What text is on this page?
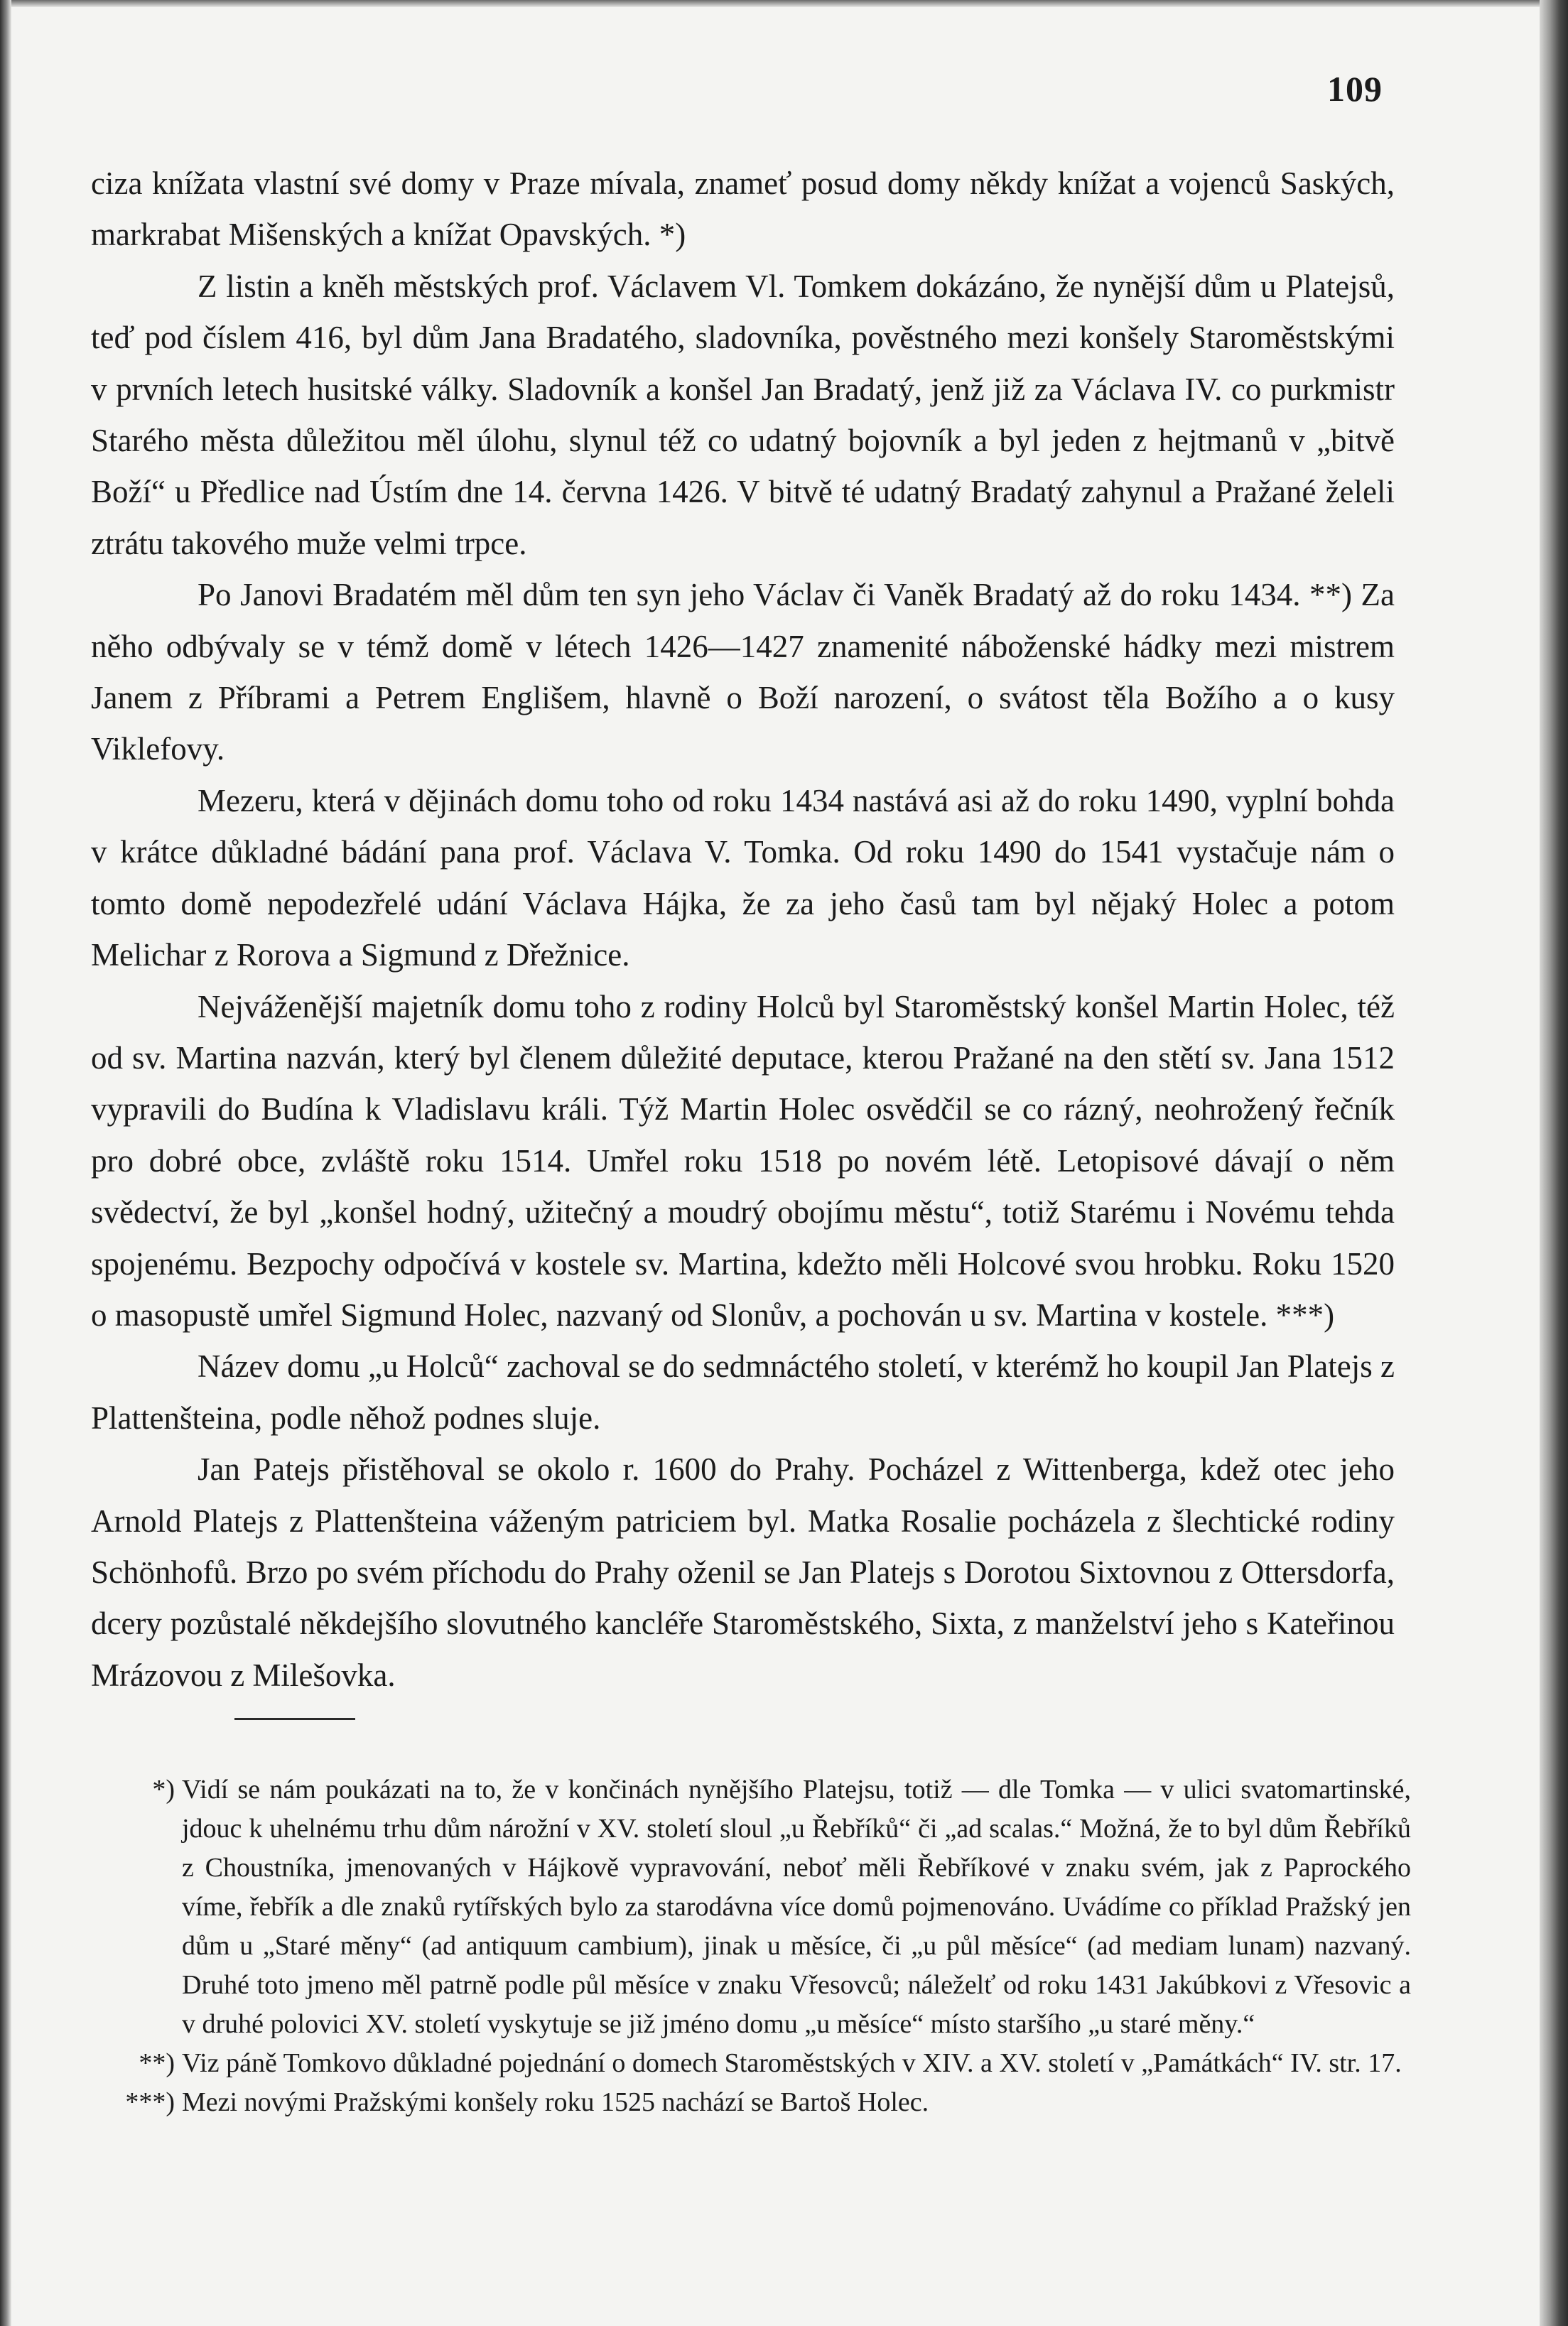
109

ciza knížata vlastní své domy v Praze mívala, znameť posud domy někdy knížat a vojenců Saských, markrabat Mišenských a knížat Opavských. *)

Z listin a kněh městských prof. Václavem Vl. Tomkem dokázáno, že nynější dům u Platejsů, teď pod číslem 416, byl dům Jana Bradatého, sladovníka, pověstného mezi konšely Staroměstskými v prvních letech husitské války. Sladovník a konšel Jan Bradatý, jenž již za Václava IV. co purkmistr Starého města důležitou měl úlohu, slynul též co udatný bojovník a byl jeden z hejtmanů v „bitvě Boží“ u Předlice nad Ústím dne 14. června 1426. V bitvě té udatný Bradatý zahynul a Pražané želeli ztrátu takového muže velmi trpce.

Po Janovi Bradatém měl dům ten syn jeho Václav či Vaněk Bradatý až do roku 1434. **) Za něho odbývaly se v témž domě v létech 1426—1427 znamenité náboženské hádky mezi mistrem Janem z Příbrami a Petrem Englišem, hlavně o Boží narození, o svátost těla Božího a o kusy Viklefovy.

Mezeru, která v dějinách domu toho od roku 1434 nastává asi až do roku 1490, vyplní bohda v krátce důkladné bádání pana prof. Václava V. Tomka. Od roku 1490 do 1541 vystačuje nám o tomto domě nepodezřelé udání Václava Hájka, že za jeho časů tam byl nějaký Holec a potom Melichar z Rorova a Sigmund z Dřežnice.

Nejváženější majetník domu toho z rodiny Holců byl Staroměstský konšel Martin Holec, též od sv. Martina nazván, který byl členem důležité deputace, kterou Pražané na den stětí sv. Jana 1512 vypravili do Budína k Vladislavu králi. Týž Martin Holec osvědčil se co rázný, neohrožený řečník pro dobré obce, zvláště roku 1514. Umřel roku 1518 po novém létě. Letopisové dávají o něm svědectví, že byl „konšel hodný, užitečný a moudrý obojímu městu“, totiž Starému i Novému tehda spojenému. Bezpochy odpočívá v kostele sv. Martina, kdežto měli Holcové svou hrobku. Roku 1520 o masopustě umřel Sigmund Holec, nazvaný od Slonův, a pochován u sv. Martina v kostele. ***)

Název domu „u Holců“ zachoval se do sedmnáctého století, v kterémž ho koupil Jan Platejs z Plattenšteina, podle něhož podnes sluje.

Jan Patejs přistěhoval se okolo r. 1600 do Prahy. Pocházel z Wittenberga, kdež otec jeho Arnold Platejs z Plattenšteina váženým patriciem byl. Matka Rosalie pocházela z šlechtické rodiny Schönhofů. Brzo po svém příchodu do Prahy oženil se Jan Platejs s Dorotou Sixtovnou z Ottersdorfa, dcery pozůstalé někdejšího slovutného kancléře Staroměstského, Sixta, z manželství jeho s Kateřinou Mrázovou z Milešovka.

*) Vidí se nám poukázati na to, že v končinách nynějšího Platejsu, totiž — dle Tomka — v ulici svatomartinské, jdouc k uhelnému trhu dům nárožní v XV. století sloul „u Řebříků“ či „ad scalas.“ Možná, že to byl dům Řebříků z Choustníka, jmenovaných v Hájkově vypravování, neboť měli Řebříkové v znaku svém, jak z Paprockého víme, řebřík a dle znaků rytířských bylo za starodávna více domů pojmenováno. Uvádíme co příklad Pražský jen dům u „Staré měny“ (ad antiquum cambium), jinak u měsíce, či „u půl měsíce“ (ad mediam lunam) nazvaný. Druhé toto jmeno měl patrně podle půl měsíce v znaku Vřesovců; náleželť od roku 1431 Jakúbkovi z Vřesovic a v druhé polovici XV. století vyskytuje se již jméno domu „u měsíce“ místo staršího „u staré měny.“
**) Viz páně Tomkovo důkladné pojednání o domech Staroměstských v XIV. a XV. století v „Památkách“ IV. str. 17.
***) Mezi novými Pražskými konšely roku 1525 nachází se Bartoš Holec.
